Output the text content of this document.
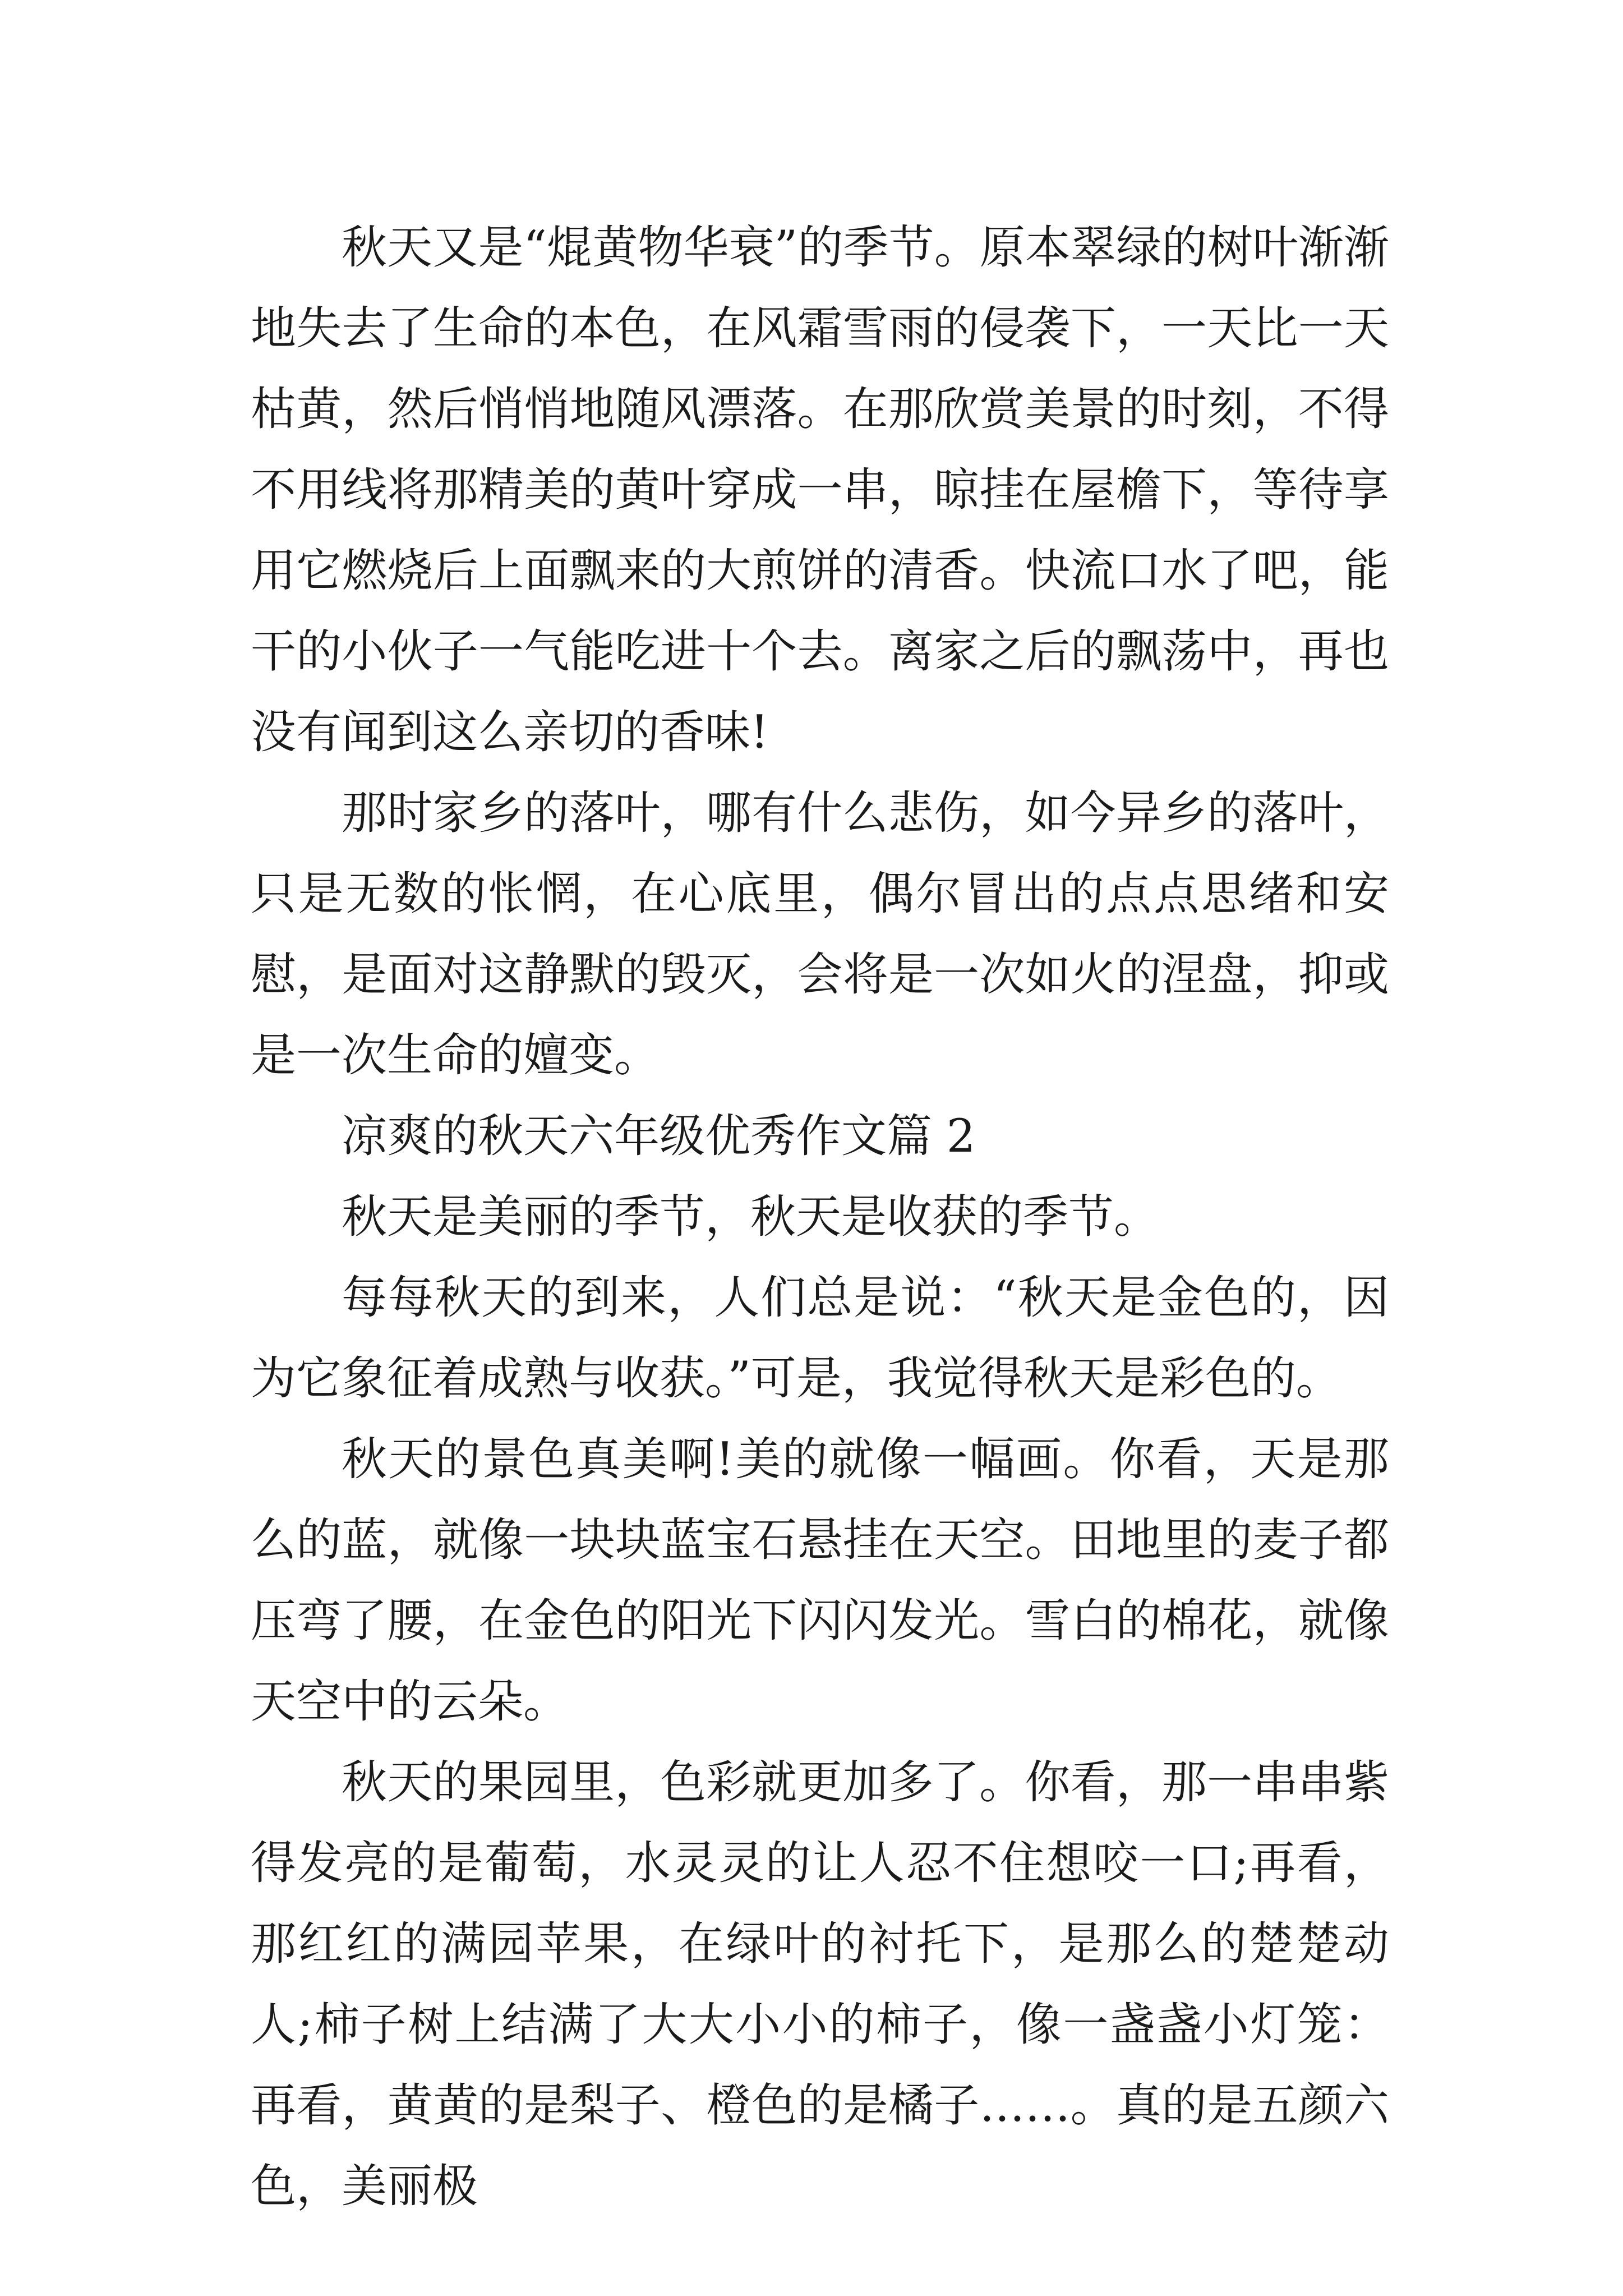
秋天又是“焜黄物华衰”的季节。原本翠绿的树叶渐渐地失去了生命的本色，在风霜雪雨的侵袭下，一天比一天枯黄，然后悄悄地随风漂落。在那欣赏美景的时刻，不得不用线将那精美的黄叶穿成一串，晾挂在屋檐下，等待享用它燃烧后上面飘来的大煎饼的清香。快流口水了吧，能干的小伙子一气能吃进十个去。离家之后的飘荡中，再也没有闻到这么亲切的香味!

那时家乡的落叶，哪有什么悲伤，如今异乡的落叶，只是无数的怅惘，在心底里，偶尔冒出的点点思绪和安慰，是面对这静默的毁灭，会将是一次如火的涅盘，抑或是一次生命的嬗变。

凉爽的秋天六年级优秀作文篇 2

秋天是美丽的季节，秋天是收获的季节。

每每秋天的到来，人们总是说：“秋天是金色的，因为它象征着成熟与收获。”可是，我觉得秋天是彩色的。

秋天的景色真美啊!美的就像一幅画。你看，天是那么的蓝，就像一块块蓝宝石悬挂在天空。田地里的麦子都压弯了腰，在金色的阳光下闪闪发光。雪白的棉花，就像天空中的云朵。

秋天的果园里，色彩就更加多了。你看，那一串串紫得发亮的是葡萄，水灵灵的让人忍不住想咬一口;再看，那红红的满园苹果，在绿叶的衬托下，是那么的楚楚动人;柿子树上结满了大大小小的柿子，像一盏盏小灯笼：再看，黄黄的是梨子、橙色的是橘子……。真的是五颜六色，美丽极
